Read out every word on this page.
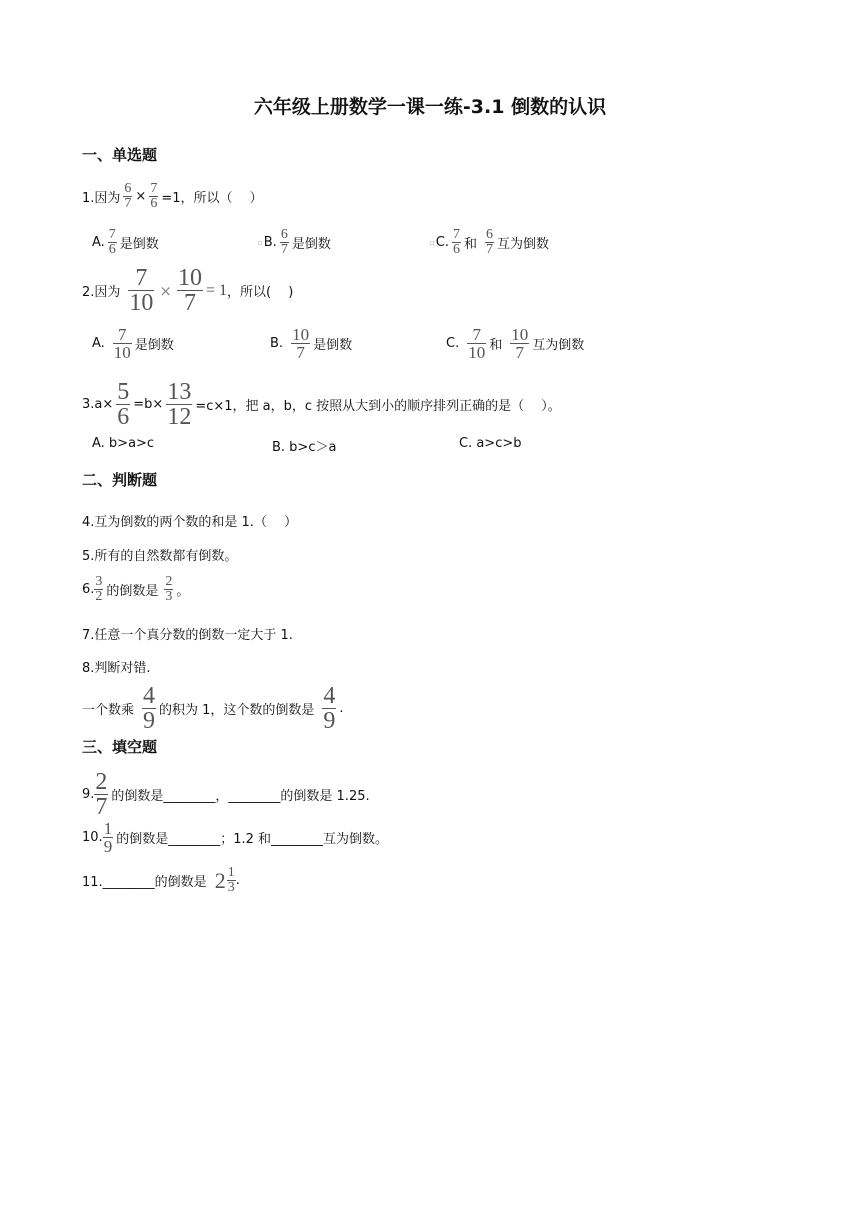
六年级上册数学一课一练-3.1 倒数的认识
一、单选题
1.因为 $\frac{6}{7} \times \frac{7}{6} =1$，所以（　 ）
A. $\frac{7}{6}$ 是倒数	▫ B. $\frac{6}{7}$ 是倒数	▫ C. $\frac{7}{6}$ 和 $\frac{6}{7}$ 互为倒数
2.因为 $\frac{7}{10} \times \frac{10}{7} = 1$ ，所以(　 )
A. $\frac{7}{10}$ 是倒数	B. $\frac{10}{7}$ 是倒数	C. $\frac{7}{10}$ 和 $\frac{10}{7}$ 互为倒数
$3.a\times \frac{5}{6} =b\times \frac{13}{12} =c\times 1$，把 a，b，c 按照从大到小的顺序排列正确的是（　 ）。
A. b>a>c	B. b>c＞a	C. a>c>b
二、判断题
4.互为倒数的两个数的和是 1.（　 ）
5.所有的自然数都有倒数。
6. $\frac{3}{2}$ 的倒数是 $\frac{2}{3}$ 。
7.任意一个真分数的倒数一定大于 1.
8.判断对错.
一个数乘 $\frac{4}{9}$ 的积为 1，这个数的倒数是 $\frac{4}{9}$ .
三、填空题
9. $\frac{2}{7}$ 的倒数是________，________的倒数是 1.25.
10. $\frac{1}{9}$ 的倒数是________；1.2 和________互为倒数。
11.________的倒数是 $2 \frac{1}{3}$ .
